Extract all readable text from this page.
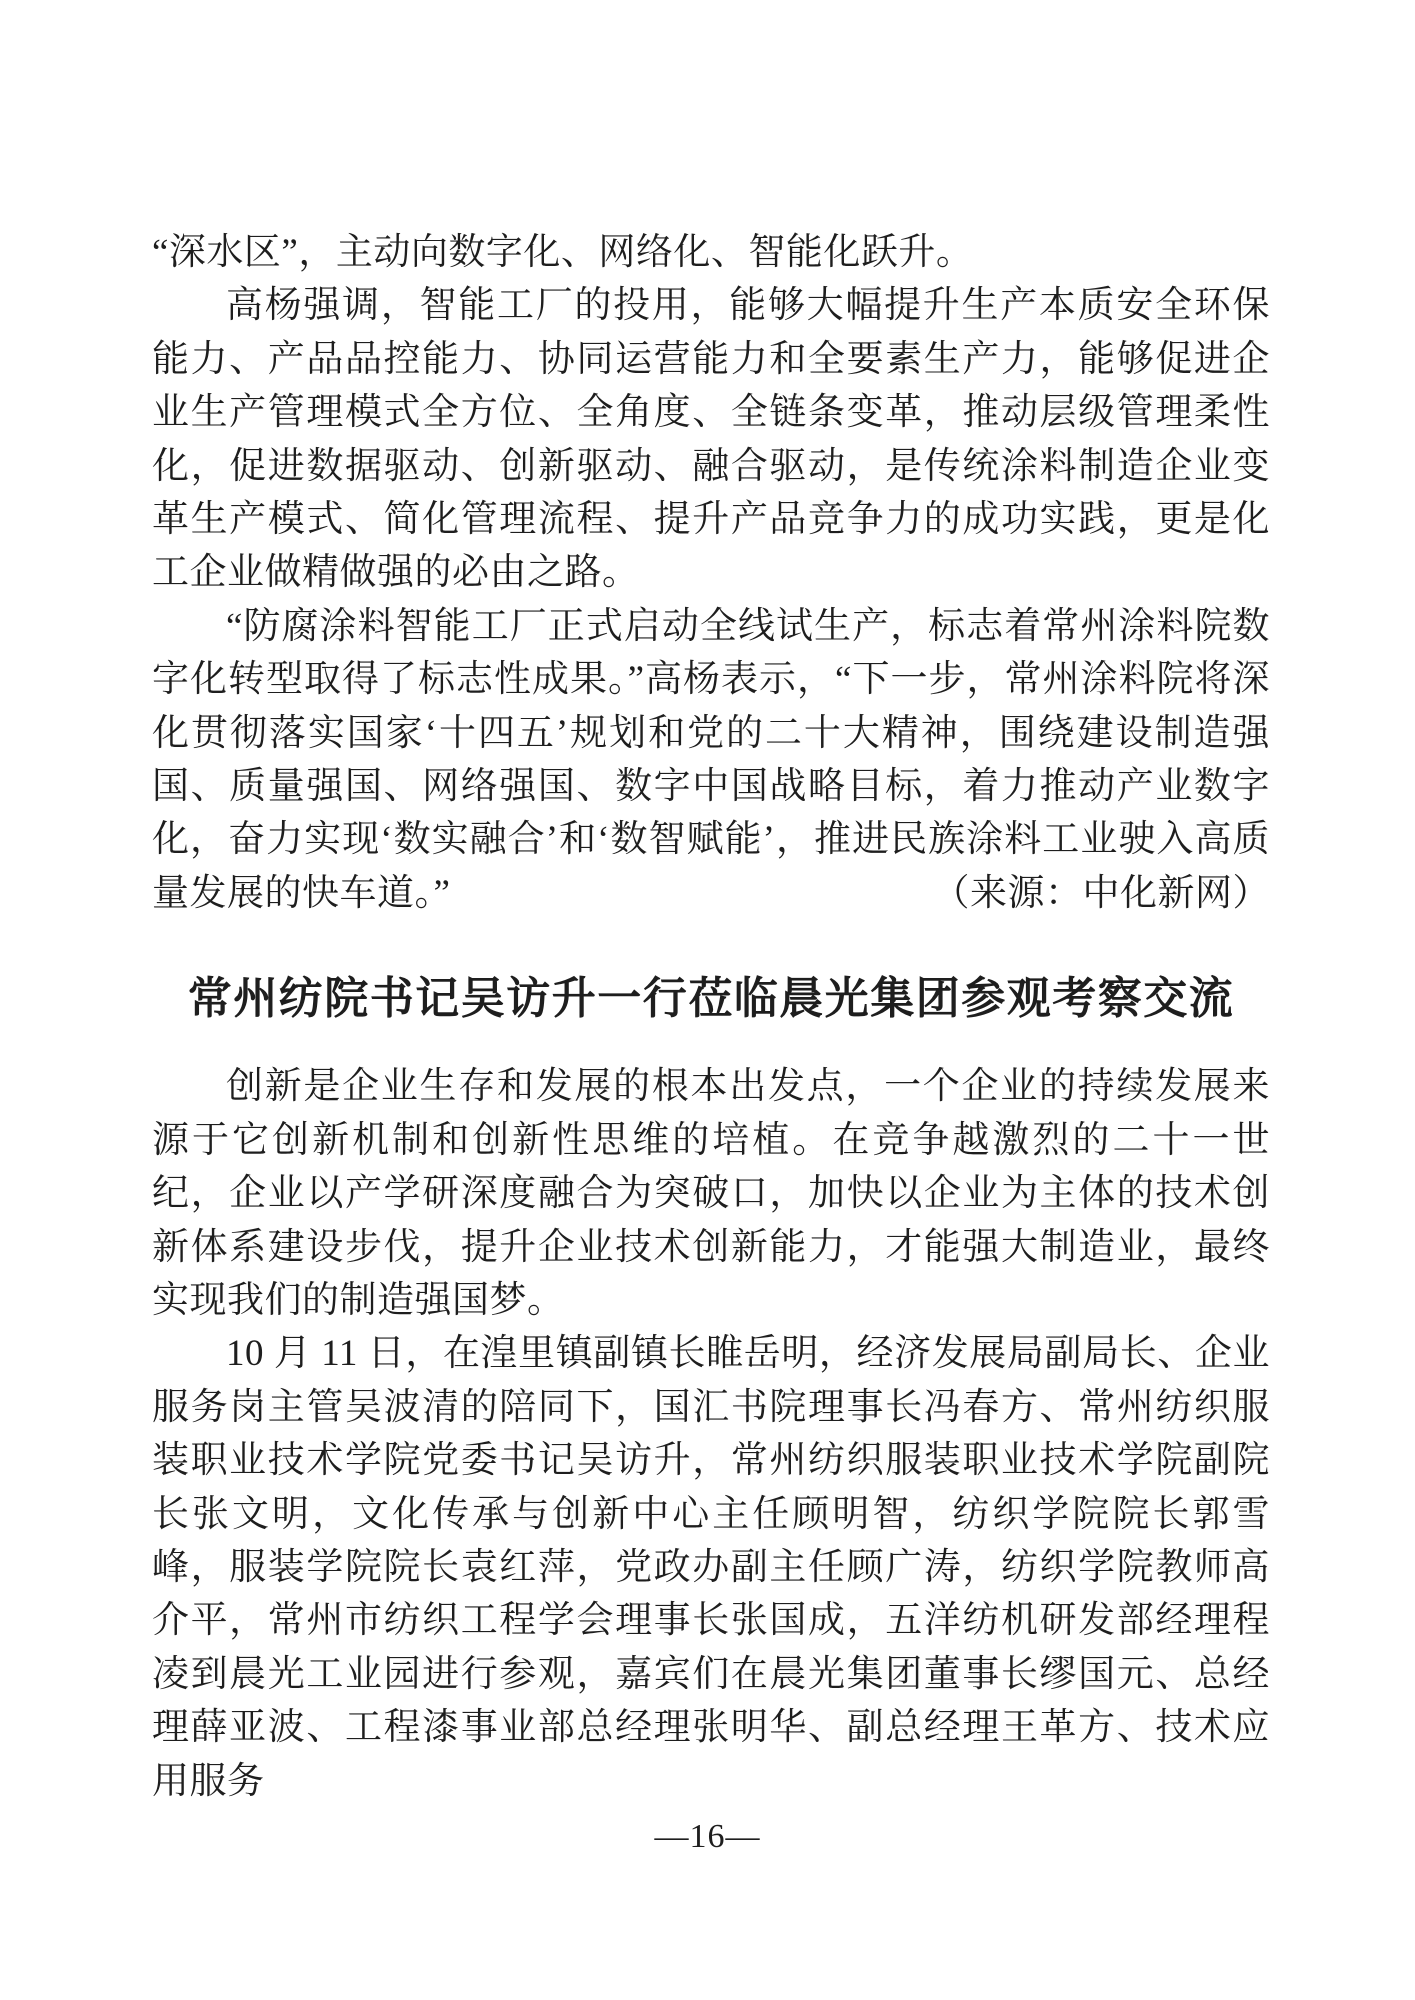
“深水区”，主动向数字化、网络化、智能化跃升。

高杨强调，智能工厂的投用，能够大幅提升生产本质安全环保能力、产品品控能力、协同运营能力和全要素生产力，能够促进企业生产管理模式全方位、全角度、全链条变革，推动层级管理柔性化，促进数据驱动、创新驱动、融合驱动，是传统涂料制造企业变革生产模式、简化管理流程、提升产品竞争力的成功实践，更是化工企业做精做强的必由之路。

“防腐涂料智能工厂正式启动全线试生产，标志着常州涂料院数字化转型取得了标志性成果。”高杨表示，“下一步，常州涂料院将深化贯彻落实国家‘十四五’规划和党的二十大精神，围绕建设制造强国、质量强国、网络强国、数字中国战略目标，着力推动产业数字化，奋力实现‘数实融合’和‘数智赋能’，推进民族涂料工业驶入高质量发展的快车道。”	（来源：中化新网）
常州纺院书记吴访升一行莅临晨光集团参观考察交流

创新是企业生存和发展的根本出发点，一个企业的持续发展来源于它创新机制和创新性思维的培植。在竞争越激烈的二十一世纪，企业以产学研深度融合为突破口，加快以企业为主体的技术创新体系建设步伐，提升企业技术创新能力，才能强大制造业，最终实现我们的制造强国梦。

10 月 11 日，在湟里镇副镇长睢岳明，经济发展局副局长、企业服务岗主管吴波清的陪同下，国汇书院理事长冯春方、常州纺织服装职业技术学院党委书记吴访升，常州纺织服装职业技术学院副院长张文明，文化传承与创新中心主任顾明智，纺织学院院长郭雪峰，服装学院院长袁红萍，党政办副主任顾广涛，纺织学院教师高介平，常州市纺织工程学会理事长张国成，五洋纺机研发部经理程凌到晨光工业园进行参观，嘉宾们在晨光集团董事长缪国元、总经理薛亚波、工程漆事业部总经理张明华、副总经理王革方、技术应用服务

—16—
